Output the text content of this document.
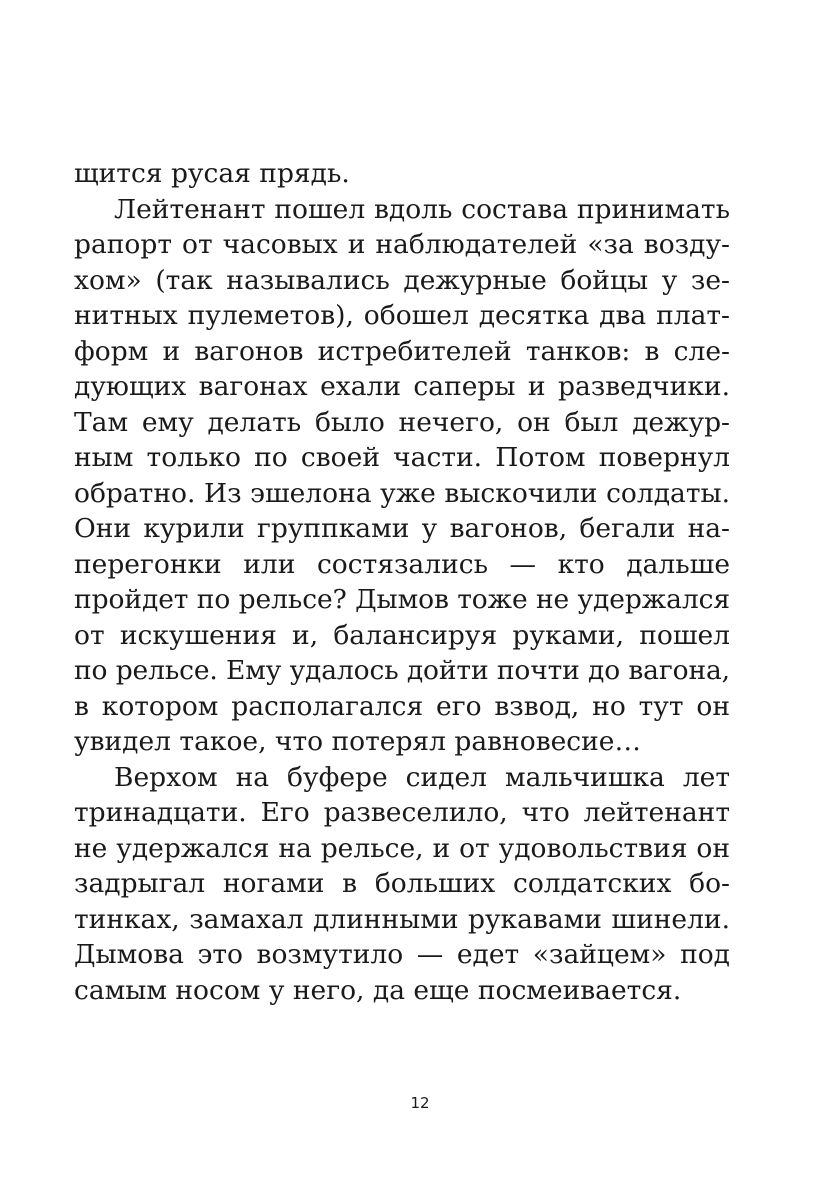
щится русая прядь.
Лейтенант пошел вдоль состава принимать
рапорт от часовых и наблюдателей «за возду-
хом» (так назывались дежурные бойцы у зе-
нитных пулеметов), обошел десятка два плат-
форм и вагонов истребителей танков: в сле-
дующих вагонах ехали саперы и разведчики.
Там ему делать было нечего, он был дежур-
ным только по своей части. Потом повернул
обратно. Из эшелона уже выскочили солдаты.
Они курили группками у вагонов, бегали на-
перегонки или состязались — кто дальше
пройдет по рельсе? Дымов тоже не удержался
от искушения и, балансируя руками, пошел
по рельсе. Ему удалось дойти почти до вагона,
в котором располагался его взвод, но тут он
увидел такое, что потерял равновесие…
Верхом на буфере сидел мальчишка лет
тринадцати. Его развеселило, что лейтенант
не удержался на рельсе, и от удовольствия он
задрыгал ногами в больших солдатских бо-
тинках, замахал длинными рукавами шинели.
Дымова это возмутило — едет «зайцем» под
самым носом у него, да еще посмеивается.
12
